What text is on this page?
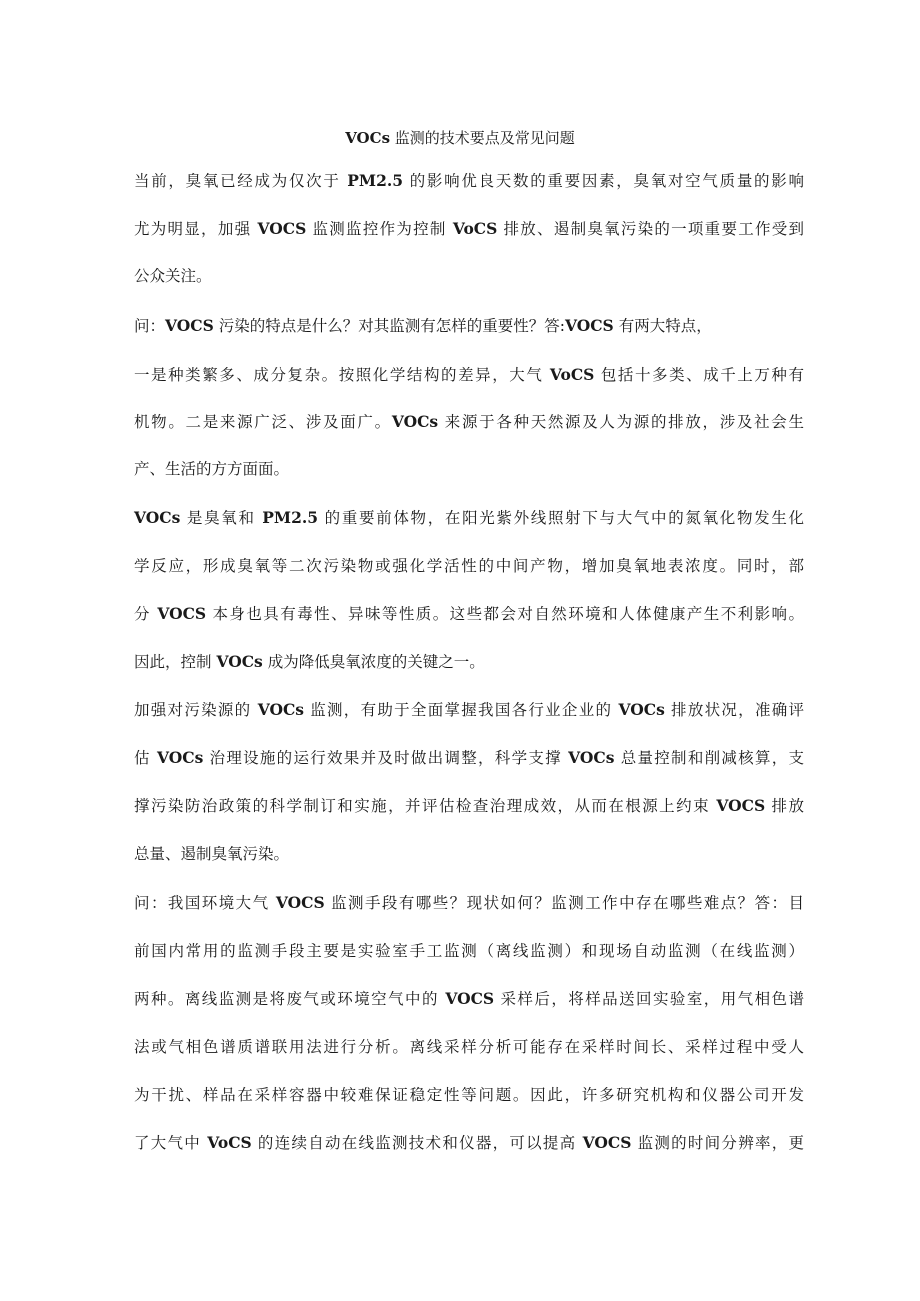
VOCs 监测的技术要点及常见问题
当前，臭氧已经成为仅次于 PM2.5 的影响优良天数的重要因素，臭氧对空气质量的影响
尤为明显，加强 VOCS 监测监控作为控制 VoCS 排放、遏制臭氧污染的一项重要工作受到
公众关注。
问：VOCS 污染的特点是什么？对其监测有怎样的重要性？答:VOCS 有两大特点，
一是种类繁多、成分复杂。按照化学结构的差异，大气 VoCS 包括十多类、成千上万种有
机物。二是来源广泛、涉及面广。VOCs 来源于各种天然源及人为源的排放，涉及社会生
产、生活的方方面面。
VOCs 是臭氧和 PM2.5 的重要前体物，在阳光紫外线照射下与大气中的氮氧化物发生化
学反应，形成臭氧等二次污染物或强化学活性的中间产物，增加臭氧地表浓度。同时，部
分 VOCS 本身也具有毒性、异味等性质。这些都会对自然环境和人体健康产生不利影响。
因此，控制 VOCs 成为降低臭氧浓度的关键之一。
加强对污染源的 VOCs 监测，有助于全面掌握我国各行业企业的 VOCs 排放状况，准确评
估 VOCs 治理设施的运行效果并及时做出调整，科学支撑 VOCs 总量控制和削减核算，支
撑污染防治政策的科学制订和实施，并评估检查治理成效，从而在根源上约束 VOCS 排放
总量、遏制臭氧污染。
问：我国环境大气 VOCS 监测手段有哪些？现状如何？监测工作中存在哪些难点？答：目
前国内常用的监测手段主要是实验室手工监测（离线监测）和现场自动监测（在线监测）
两种。离线监测是将废气或环境空气中的 VOCS 采样后，将样品送回实验室，用气相色谱
法或气相色谱质谱联用法进行分析。离线采样分析可能存在采样时间长、采样过程中受人
为干扰、样品在采样容器中较难保证稳定性等问题。因此，许多研究机构和仪器公司开发
了大气中 VoCS 的连续自动在线监测技术和仪器，可以提高 VOCS 监测的时间分辨率，更
